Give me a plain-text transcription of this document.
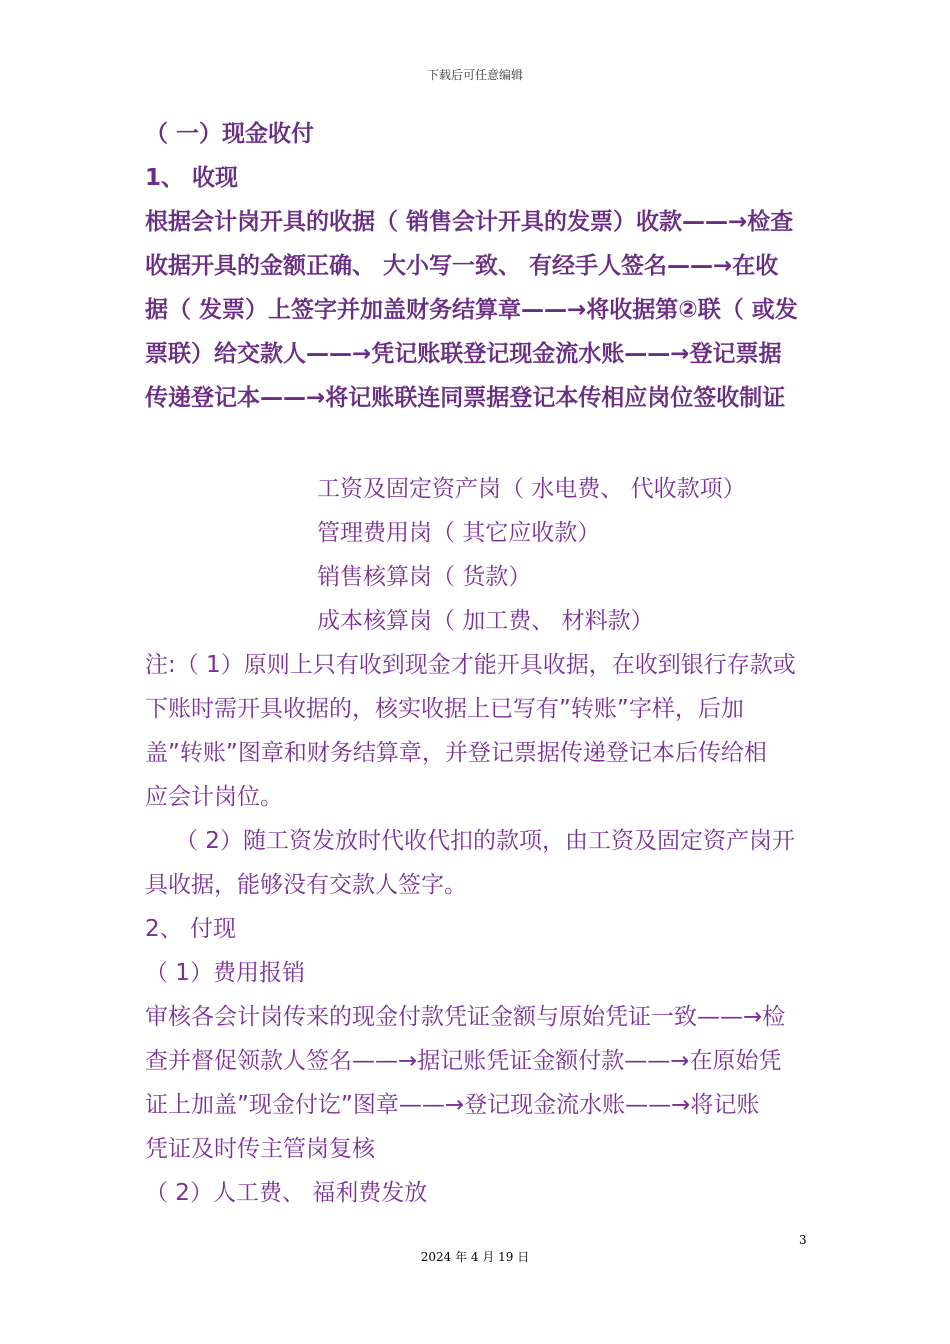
下载后可任意编辑
（ 一）现金收付
1、 收现
根据会计岗开具的收据（ 销售会计开具的发票）收款——→检查
收据开具的金额正确、 大小写一致、 有经手人签名——→在收
据（ 发票）上签字并加盖财务结算章——→将收据第②联（ 或发
票联）给交款人——→凭记账联登记现金流水账——→登记票据
传递登记本——→将记账联连同票据登记本传相应岗位签收制证
工资及固定资产岗（ 水电费、 代收款项）
管理费用岗（ 其它应收款）
销售核算岗（ 货款）
成本核算岗（ 加工费、 材料款）
注:（ 1）原则上只有收到现金才能开具收据，在收到银行存款或
下账时需开具收据的，核实收据上已写有”转账”字样，后加
盖”转账”图章和财务结算章，并登记票据传递登记本后传给相
应会计岗位。
（ 2）随工资发放时代收代扣的款项，由工资及固定资产岗开
具收据，能够没有交款人签字。
2、 付现
（ 1）费用报销
审核各会计岗传来的现金付款凭证金额与原始凭证一致——→检
查并督促领款人签名——→据记账凭证金额付款——→在原始凭
证上加盖”现金付讫”图章——→登记现金流水账——→将记账
凭证及时传主管岗复核
（ 2）人工费、 福利费发放
3
2024 年 4 月 19 日
